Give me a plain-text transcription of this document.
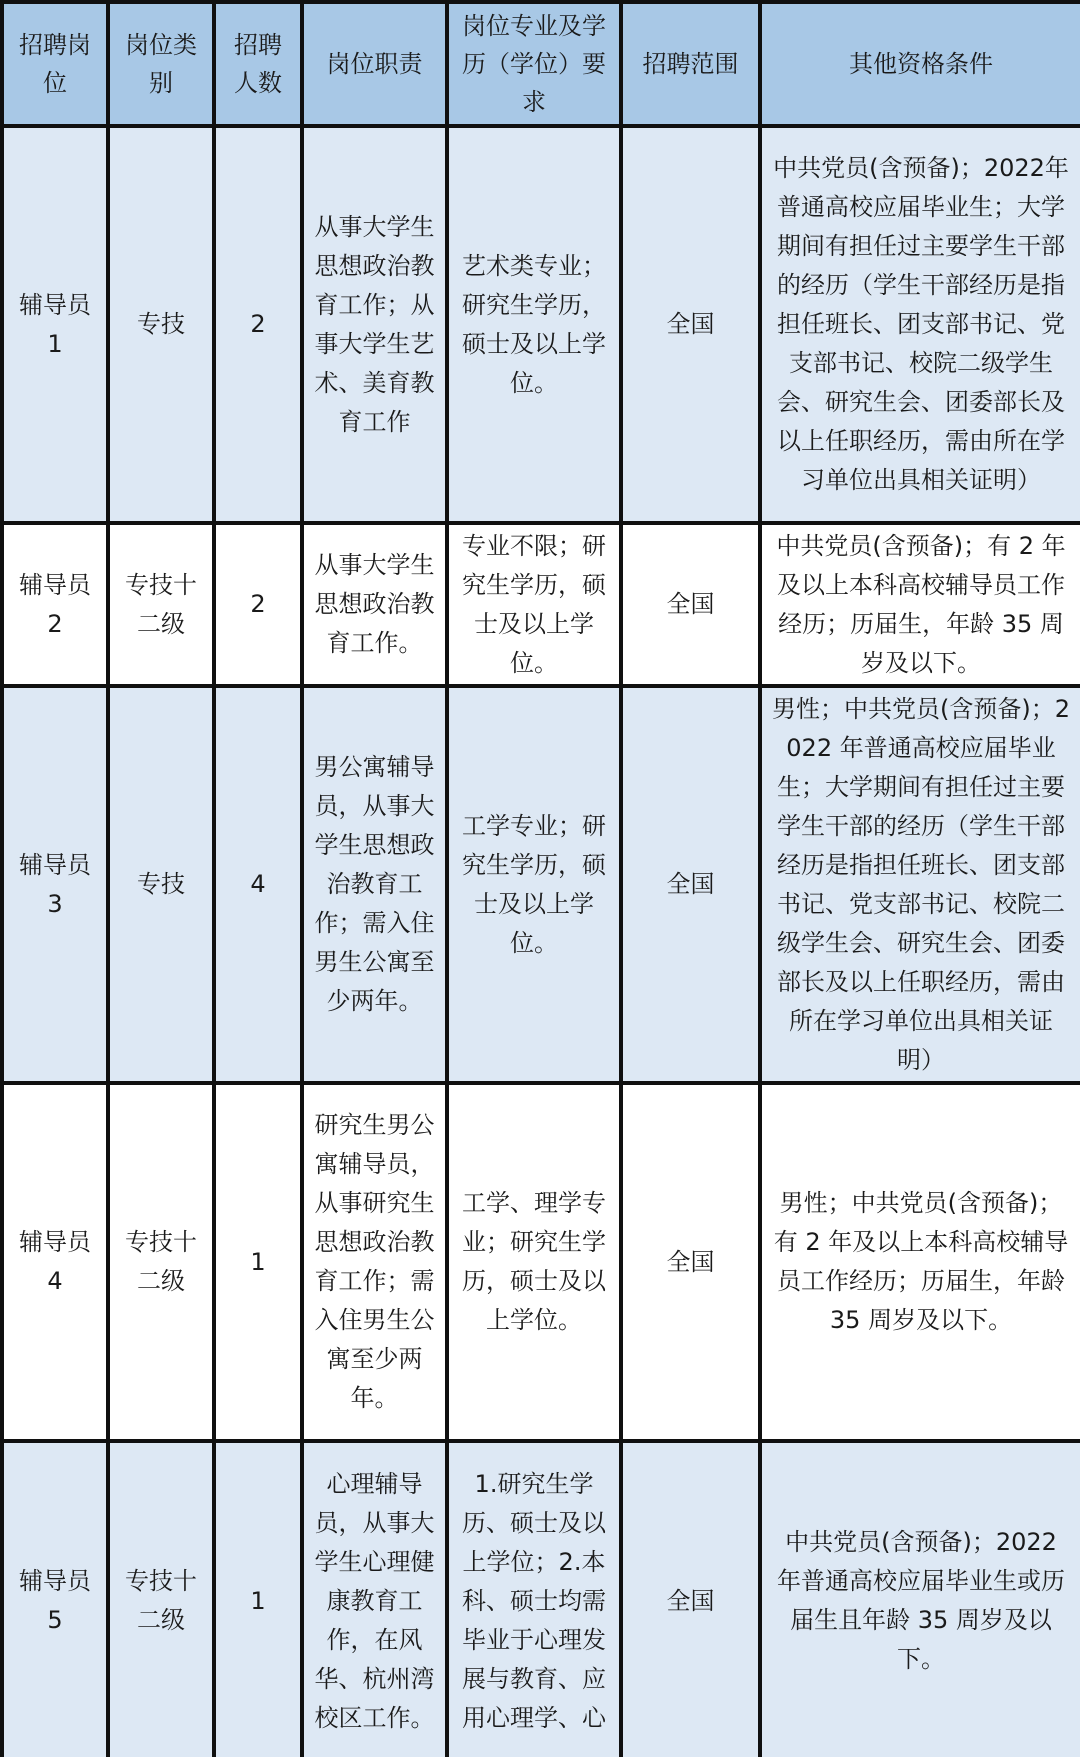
招聘岗位	岗位类别	招聘人数	岗位职责	岗位专业及学历（学位）要求	招聘范围	其他资格条件
辅导员 1	专技	2	从事大学生思想政治教育工作；从事大学生艺术、美育教育工作	艺术类专业；研究生学历，硕士及以上学位。	全国	中共党员(含预备)；2022年普通高校应届毕业生；大学期间有担任过主要学生干部的经历（学生干部经历是指担任班长、团支部书记、党支部书记、校院二级学生会、研究生会、团委部长及以上任职经历，需由所在学习单位出具相关证明）
辅导员 2	专技十二级	2	从事大学生思想政治教育工作。	专业不限；研究生学历，硕士及以上学位。	全国	中共党员(含预备)；有 2 年及以上本科高校辅导员工作经历；历届生，年龄 35 周岁及以下。
辅导员 3	专技	4	男公寓辅导员，从事大学生思想政治教育工作；需入住男生公寓至少两年。	工学专业；研究生学历，硕士及以上学位。	全国	男性；中共党员(含预备)；2022 年普通高校应届毕业生；大学期间有担任过主要学生干部的经历（学生干部经历是指担任班长、团支部书记、党支部书记、校院二级学生会、研究生会、团委部长及以上任职经历，需由所在学习单位出具相关证明）
辅导员 4	专技十二级	1	研究生男公寓辅导员，从事研究生思想政治教育工作；需入住男生公寓至少两年。	工学、理学专业；研究生学历，硕士及以上学位。	全国	男性；中共党员(含预备)；有 2 年及以上本科高校辅导员工作经历；历届生，年龄 35 周岁及以下。
辅导员 5	专技十二级	1	心理辅导员，从事大学生心理健康教育工作，在风华、杭州湾校区工作。	1.研究生学历、硕士及以上学位；2.本科、硕士均需毕业于心理发展与教育、应用心理学、心	全国	中共党员(含预备)；2022 年普通高校应届毕业生或历届生且年龄 35 周岁及以下。
